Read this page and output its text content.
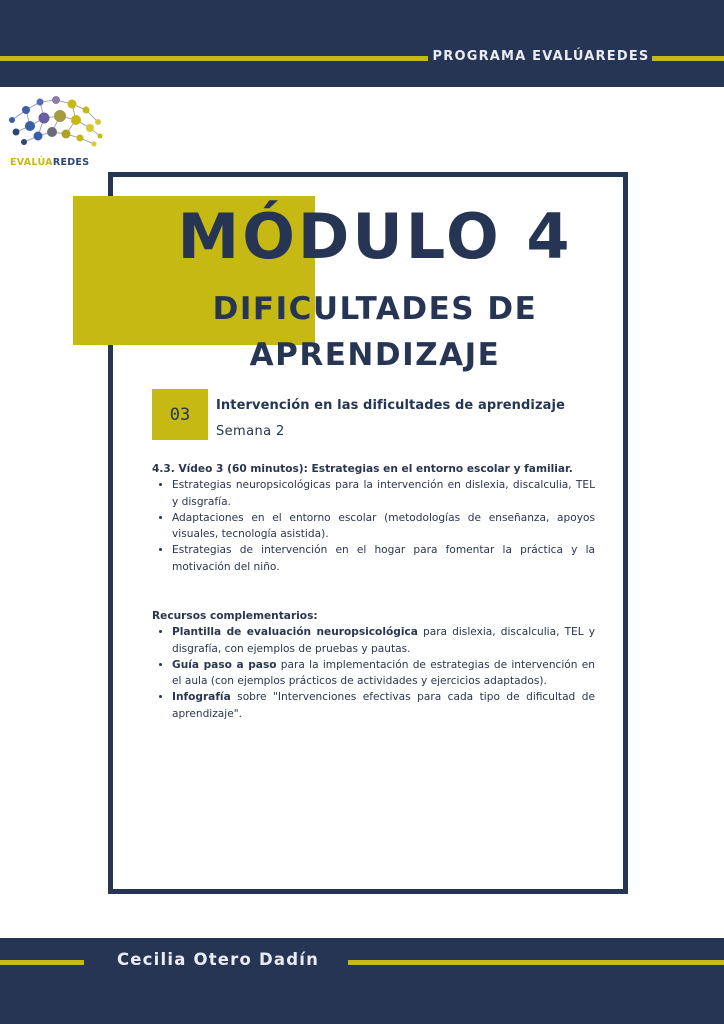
PROGRAMA EVALÚAREDES
EVALÚAREDES
MÓDULO 4
DIFICULTADES DE
APRENDIZAJE
03	Intervención en las dificultades de aprendizaje
Semana 2
4.3. Vídeo 3 (60 minutos): Estrategias en el entorno escolar y familiar.
• Estrategias neuropsicológicas para la intervención en dislexia, discalculia, TEL y disgrafía.
• Adaptaciones en el entorno escolar (metodologías de enseñanza, apoyos visuales, tecnología asistida).
• Estrategias de intervención en el hogar para fomentar la práctica y la motivación del niño.
Recursos complementarios:
• Plantilla de evaluación neuropsicológica para dislexia, discalculia, TEL y disgrafía, con ejemplos de pruebas y pautas.
• Guía paso a paso para la implementación de estrategias de intervención en el aula (con ejemplos prácticos de actividades y ejercicios adaptados).
• Infografía sobre "Intervenciones efectivas para cada tipo de dificultad de aprendizaje".
Cecilia Otero Dadín
